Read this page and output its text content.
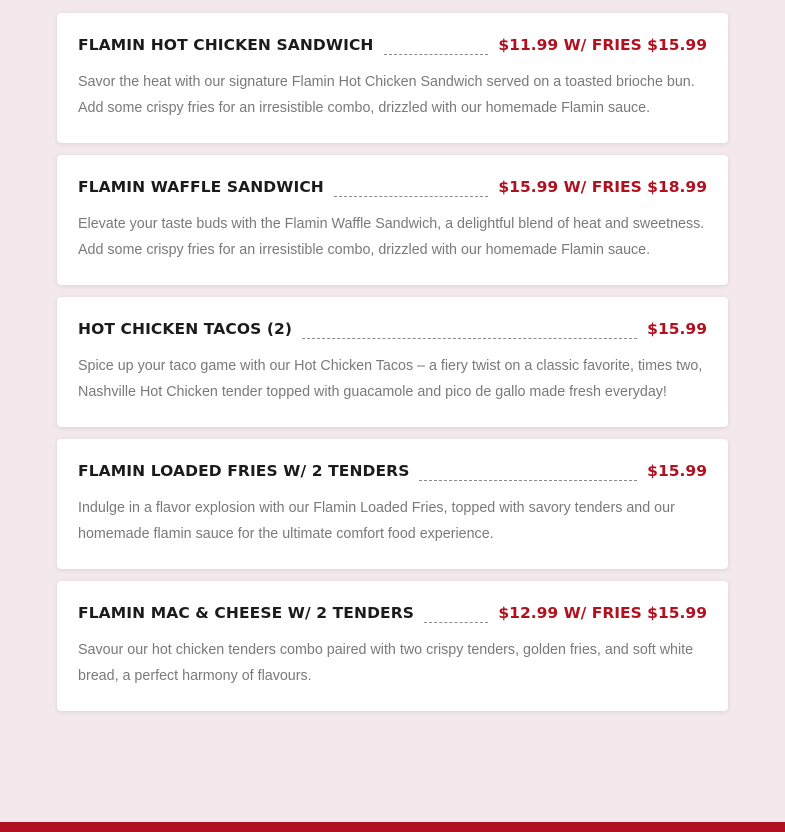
FLAMIN HOT CHICKEN SANDWICH	$11.99 W/ FRIES $15.99
Savor the heat with our signature Flamin Hot Chicken Sandwich served on a toasted brioche bun. Add some crispy fries for an irresistible combo, drizzled with our homemade Flamin sauce.
FLAMIN WAFFLE SANDWICH	$15.99 W/ FRIES $18.99
Elevate your taste buds with the Flamin Waffle Sandwich, a delightful blend of heat and sweetness. Add some crispy fries for an irresistible combo, drizzled with our homemade Flamin sauce.
HOT CHICKEN TACOS (2)	$15.99
Spice up your taco game with our Hot Chicken Tacos – a fiery twist on a classic favorite, times two, Nashville Hot Chicken tender topped with guacamole and pico de gallo made fresh everyday!
FLAMIN LOADED FRIES W/ 2 TENDERS	$15.99
Indulge in a flavor explosion with our Flamin Loaded Fries, topped with savory tenders and our homemade flamin sauce for the ultimate comfort food experience.
FLAMIN MAC & CHEESE W/ 2 TENDERS	$12.99 W/ FRIES $15.99
Savour our hot chicken tenders combo paired with two crispy tenders, golden fries, and soft white bread, a perfect harmony of flavours.
